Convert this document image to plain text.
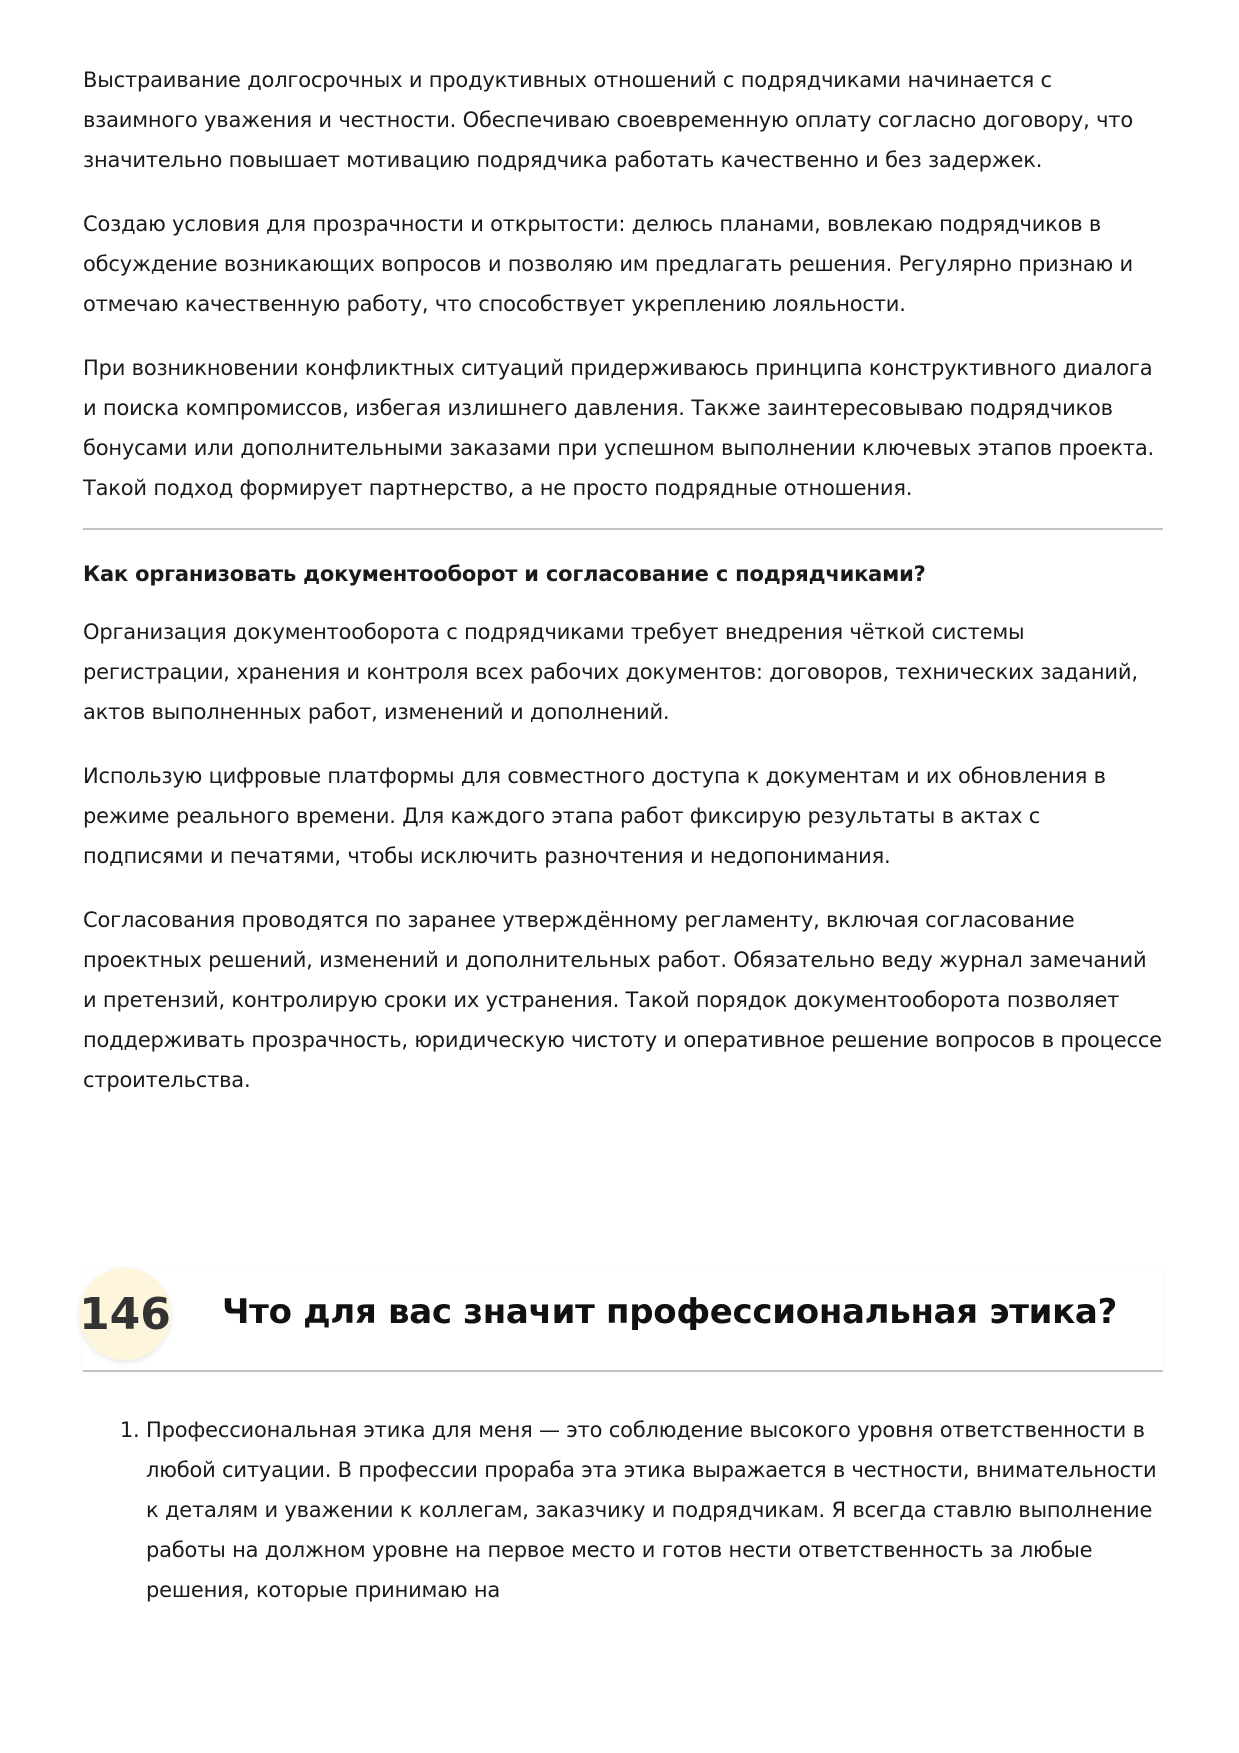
Выстраивание долгосрочных и продуктивных отношений с подрядчиками начинается с взаимного уважения и честности. Обеспечиваю своевременную оплату согласно договору, что значительно повышает мотивацию подрядчика работать качественно и без задержек.

Создаю условия для прозрачности и открытости: делюсь планами, вовлекаю подрядчиков в обсуждение возникающих вопросов и позволяю им предлагать решения. Регулярно признаю и отмечаю качественную работу, что способствует укреплению лояльности.

При возникновении конфликтных ситуаций придерживаюсь принципа конструктивного диалога и поиска компромиссов, избегая излишнего давления. Также заинтересовываю подрядчиков бонусами или дополнительными заказами при успешном выполнении ключевых этапов проекта. Такой подход формирует партнерство, а не просто подрядные отношения.

Как организовать документооборот и согласование с подрядчиками?

Организация документооборота с подрядчиками требует внедрения чёткой системы регистрации, хранения и контроля всех рабочих документов: договоров, технических заданий, актов выполненных работ, изменений и дополнений.

Использую цифровые платформы для совместного доступа к документам и их обновления в режиме реального времени. Для каждого этапа работ фиксирую результаты в актах с подписями и печатями, чтобы исключить разночтения и недопонимания.

Согласования проводятся по заранее утверждённому регламенту, включая согласование проектных решений, изменений и дополнительных работ. Обязательно веду журнал замечаний и претензий, контролирую сроки их устранения. Такой порядок документооборота позволяет поддерживать прозрачность, юридическую чистоту и оперативное решение вопросов в процессе строительства.

146 Что для вас значит профессиональная этика?
1. Профессиональная этика для меня — это соблюдение высокого уровня ответственности в любой ситуации. В профессии прораба эта этика выражается в честности, внимательности к деталям и уважении к коллегам, заказчику и подрядчикам. Я всегда ставлю выполнение работы на должном уровне на первое место и готов нести ответственность за любые решения, которые принимаю на
